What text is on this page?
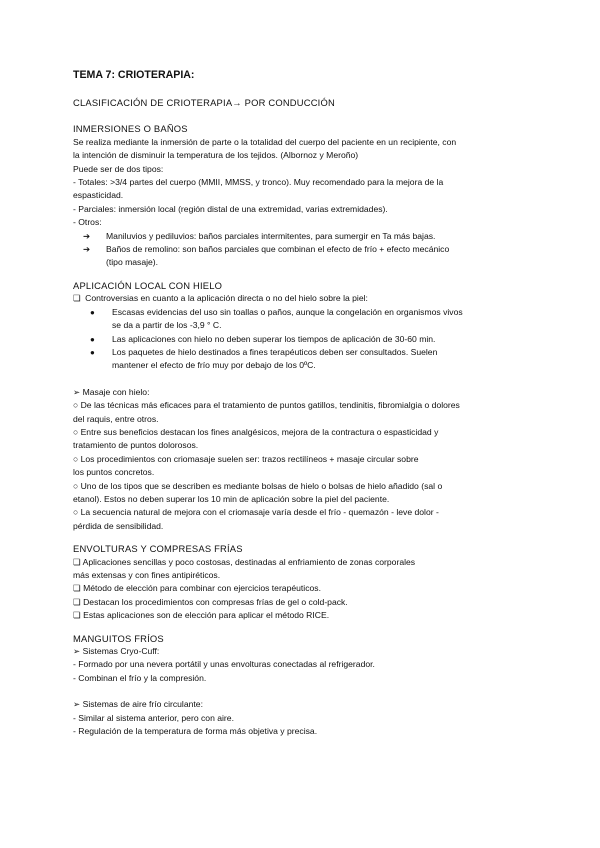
TEMA 7: CRIOTERAPIA:

CLASIFICACIÓN DE CRIOTERAPIA→ POR CONDUCCIÓN

INMERSIONES O BAÑOS

Se realiza mediante la inmersión de parte o la totalidad del cuerpo del paciente en un recipiente, con

la intención de disminuir la temperatura de los tejidos. (Albornoz y Meroño)

Puede ser de dos tipos:

- Totales: >3/4 partes del cuerpo (MMII, MMSS, y tronco). Muy recomendado para la mejora de la

espasticidad.

- Parciales: inmersión local (región distal de una extremidad, varias extremidades).

- Otros:

➔	Maniluvios y pediluvios: baños parciales intermitentes, para sumergir en Ta más bajas.

➔	Baños de remolino: son baños parciales que combinan el efecto de frío + efecto mecánico

(tipo masaje).

APLICACIÓN LOCAL CON HIELO

❏ Controversias en cuanto a la aplicación directa o no del hielo sobre la piel:

●	Escasas evidencias del uso sin toallas o paños, aunque la congelación en organismos vivos

se da a partir de los -3,9 ° C.

●	Las aplicaciones con hielo no deben superar los tiempos de aplicación de 30-60 min.

●	Los paquetes de hielo destinados a fines terapéuticos deben ser consultados. Suelen

mantener el efecto de frío muy por debajo de los 0ºC.

➢ Masaje con hielo:

○ De las técnicas más eficaces para el tratamiento de puntos gatillos, tendinitis, fibromialgia o dolores

del raquis, entre otros.

○ Entre sus beneficios destacan los fines analgésicos, mejora de la contractura o espasticidad y

tratamiento de puntos dolorosos.

○ Los procedimientos con criomasaje suelen ser: trazos rectilíneos + masaje circular sobre

los puntos concretos.

○ Uno de los tipos que se describen es mediante bolsas de hielo o bolsas de hielo añadido (sal o

etanol). Estos no deben superar los 10 min de aplicación sobre la piel del paciente.

○ La secuencia natural de mejora con el criomasaje varía desde el frío - quemazón - leve dolor -

pérdida de sensibilidad.

ENVOLTURAS Y COMPRESAS FRÍAS

❏ Aplicaciones sencillas y poco costosas, destinadas al enfriamiento de zonas corporales

más extensas y con fines antipiréticos.

❏ Método de elección para combinar con ejercicios terapéuticos.

❏ Destacan los procedimientos con compresas frías de gel o cold-pack.

❏ Estas aplicaciones son de elección para aplicar el método RICE.

MANGUITOS FRÍOS

➢ Sistemas Cryo-Cuff:

- Formado por una nevera portátil y unas envolturas conectadas al refrigerador.

- Combinan el frío y la compresión.

➢ Sistemas de aire frío circulante:

- Similar al sistema anterior, pero con aire.

- Regulación de la temperatura de forma más objetiva y precisa.
